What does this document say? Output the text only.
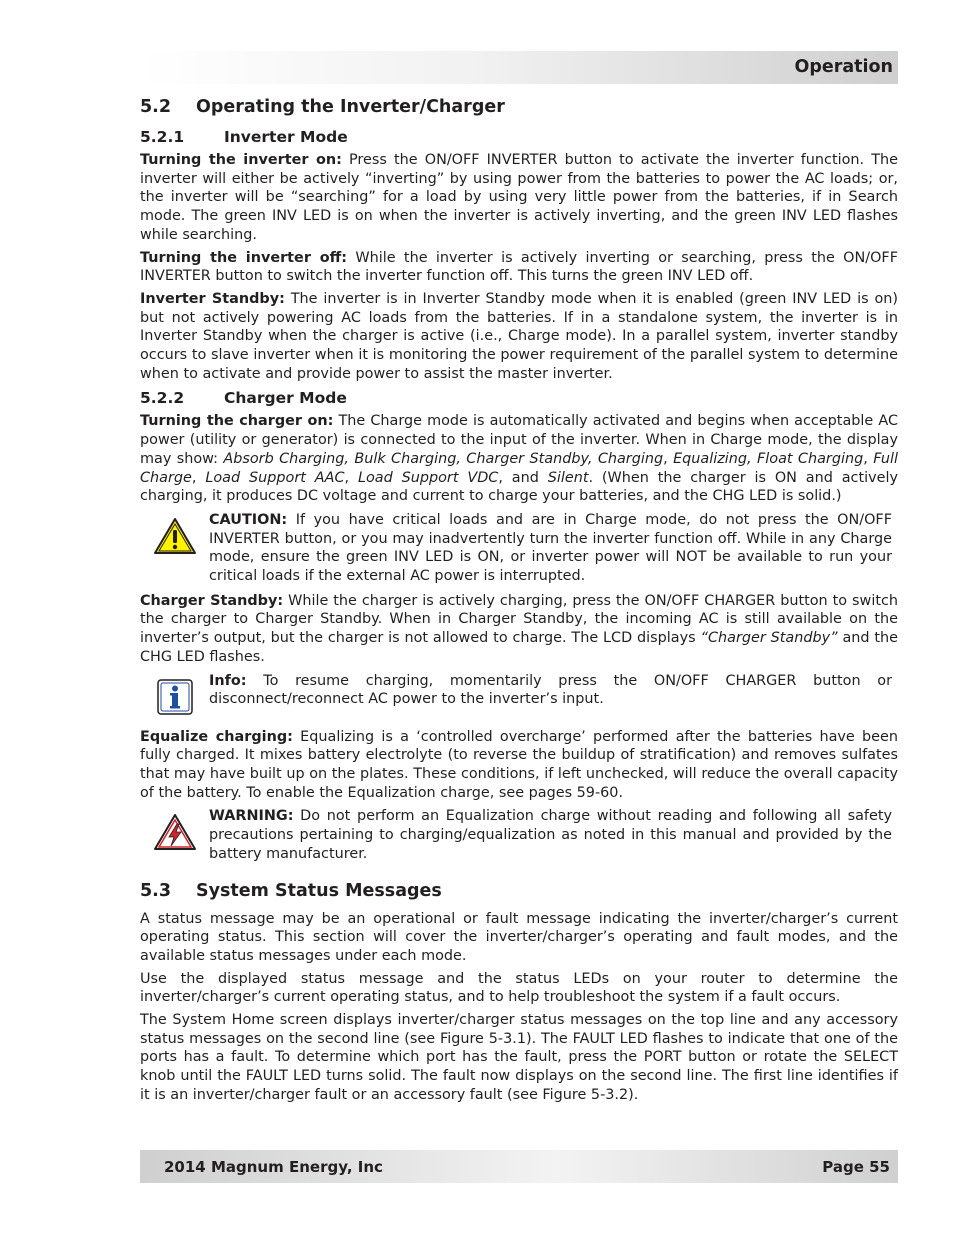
Operation
5.2 Operating the Inverter/Charger
5.2.1	Inverter Mode

Turning the inverter on: Press the ON/OFF INVERTER button to activate the inverter function. The inverter will either be actively “inverting” by using power from the batteries to power the AC loads; or, the inverter will be “searching” for a load by using very little power from the batteries, if in Search mode. The green INV LED is on when the inverter is actively inverting, and the green INV LED flashes while searching.

Turning the inverter off: While the inverter is actively inverting or searching, press the ON/OFF INVERTER button to switch the inverter function off. This turns the green INV LED off.

Inverter Standby: The inverter is in Inverter Standby mode when it is enabled (green INV LED is on) but not actively powering AC loads from the batteries. If in a standalone system, the inverter is in Inverter Standby when the charger is active (i.e., Charge mode). In a parallel system, inverter standby occurs to slave inverter when it is monitoring the power requirement of the parallel system to determine when to activate and provide power to assist the master inverter.

5.2.2	Charger Mode

Turning the charger on: The Charge mode is automatically activated and begins when acceptable AC power (utility or generator) is connected to the input of the inverter. When in Charge mode, the display may show: Absorb Charging, Bulk Charging, Charger Standby, Charging, Equalizing, Float Charging, Full Charge, Load Support AAC, Load Support VDC, and Silent. (When the charger is ON and actively charging, it produces DC voltage and current to charge your batteries, and the CHG LED is solid.)

CAUTION: If you have critical loads and are in Charge mode, do not press the ON/OFF INVERTER button, or you may inadvertently turn the inverter function off. While in any Charge mode, ensure the green INV LED is ON, or inverter power will NOT be available to run your critical loads if the external AC power is interrupted.

Charger Standby: While the charger is actively charging, press the ON/OFF CHARGER button to switch the charger to Charger Standby. When in Charger Standby, the incoming AC is still available on the inverter’s output, but the charger is not allowed to charge. The LCD displays “Charger Standby” and the CHG LED flashes.

Info: To resume charging, momentarily press the ON/OFF CHARGER button or disconnect/reconnect AC power to the inverter’s input.

Equalize charging: Equalizing is a ‘controlled overcharge’ performed after the batteries have been fully charged. It mixes battery electrolyte (to reverse the buildup of stratification) and removes sulfates that may have built up on the plates. These conditions, if left unchecked, will reduce the overall capacity of the battery. To enable the Equalization charge, see pages 59-60.

WARNING: Do not perform an Equalization charge without reading and following all safety precautions pertaining to charging/equalization as noted in this manual and provided by the battery manufacturer.

5.3 System Status Messages

A status message may be an operational or fault message indicating the inverter/charger’s current operating status. This section will cover the inverter/charger’s operating and fault modes, and the available status messages under each mode.

Use the displayed status message and the status LEDs on your router to determine the inverter/charger’s current operating status, and to help troubleshoot the system if a fault occurs.

The System Home screen displays inverter/charger status messages on the top line and any accessory status messages on the second line (see Figure 5-3.1). The FAULT LED flashes to indicate that one of the ports has a fault. To determine which port has the fault, press the PORT button or rotate the SELECT knob until the FAULT LED turns solid. The fault now displays on the second line. The first line identifies if it is an inverter/charger fault or an accessory fault (see Figure 5-3.2).

2014 Magnum Energy, Inc	Page 55
